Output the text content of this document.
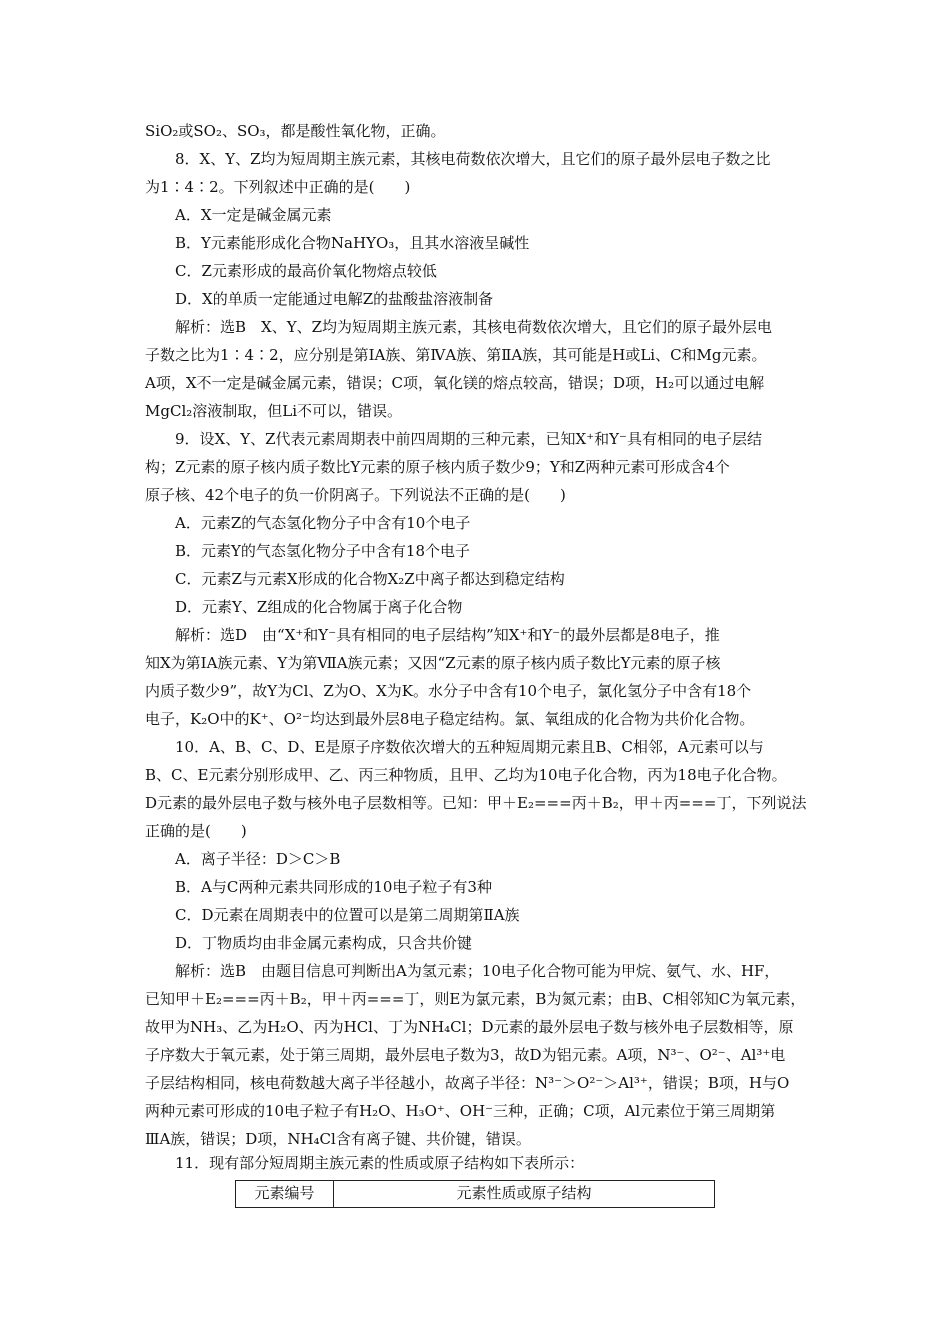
SiO₂或SO₂、SO₃，都是酸性氧化物，正确。
8．X、Y、Z均为短周期主族元素，其核电荷数依次增大，且它们的原子最外层电子数之比
为1∶4∶2。下列叙述中正确的是(　　)
A．X一定是碱金属元素
B．Y元素能形成化合物NaHYO₃，且其水溶液呈碱性
C．Z元素形成的最高价氧化物熔点较低
D．X的单质一定能通过电解Z的盐酸盐溶液制备
解析：选B　X、Y、Z均为短周期主族元素，其核电荷数依次增大，且它们的原子最外层电
子数之比为1∶4∶2，应分别是第ⅠA族、第ⅣA族、第ⅡA族，其可能是H或Li、C和Mg元素。
A项，X不一定是碱金属元素，错误；C项，氧化镁的熔点较高，错误；D项，H₂可以通过电解
MgCl₂溶液制取，但Li不可以，错误。
9．设X、Y、Z代表元素周期表中前四周期的三种元素，已知X⁺和Y⁻具有相同的电子层结
构；Z元素的原子核内质子数比Y元素的原子核内质子数少9；Y和Z两种元素可形成含4个
原子核、42个电子的负一价阴离子。下列说法不正确的是(　　)
A．元素Z的气态氢化物分子中含有10个电子
B．元素Y的气态氢化物分子中含有18个电子
C．元素Z与元素X形成的化合物X₂Z中离子都达到稳定结构
D．元素Y、Z组成的化合物属于离子化合物
解析：选D　由“X⁺和Y⁻具有相同的电子层结构”知X⁺和Y⁻的最外层都是8电子，推
知X为第ⅠA族元素、Y为第ⅦA族元素；又因“Z元素的原子核内质子数比Y元素的原子核
内质子数少9”，故Y为Cl、Z为O、X为K。水分子中含有10个电子，氯化氢分子中含有18个
电子，K₂O中的K⁺、O²⁻均达到最外层8电子稳定结构。氯、氧组成的化合物为共价化合物。
10．A、B、C、D、E是原子序数依次增大的五种短周期元素且B、C相邻，A元素可以与
B、C、E元素分别形成甲、乙、丙三种物质，且甲、乙均为10电子化合物，丙为18电子化合物。
D元素的最外层电子数与核外电子层数相等。已知：甲＋E₂===丙＋B₂，甲＋丙===丁，下列说法
正确的是(　　)
A．离子半径：D＞C＞B
B．A与C两种元素共同形成的10电子粒子有3种
C．D元素在周期表中的位置可以是第二周期第ⅡA族
D．丁物质均由非金属元素构成，只含共价键
解析：选B　由题目信息可判断出A为氢元素；10电子化合物可能为甲烷、氨气、水、HF，
已知甲＋E₂===丙＋B₂，甲＋丙===丁，则E为氯元素，B为氮元素；由B、C相邻知C为氧元素，
故甲为NH₃、乙为H₂O、丙为HCl、丁为NH₄Cl；D元素的最外层电子数与核外电子层数相等，原
子序数大于氧元素，处于第三周期，最外层电子数为3，故D为铝元素。A项，N³⁻、O²⁻、Al³⁺电
子层结构相同，核电荷数越大离子半径越小，故离子半径：N³⁻＞O²⁻＞Al³⁺，错误；B项，H与O
两种元素可形成的10电子粒子有H₂O、H₃O⁺、OH⁻三种，正确；C项，Al元素位于第三周期第
ⅢA族，错误；D项，NH₄Cl含有离子键、共价键，错误。
11．现有部分短周期主族元素的性质或原子结构如下表所示：
元素编号	元素性质或原子结构
